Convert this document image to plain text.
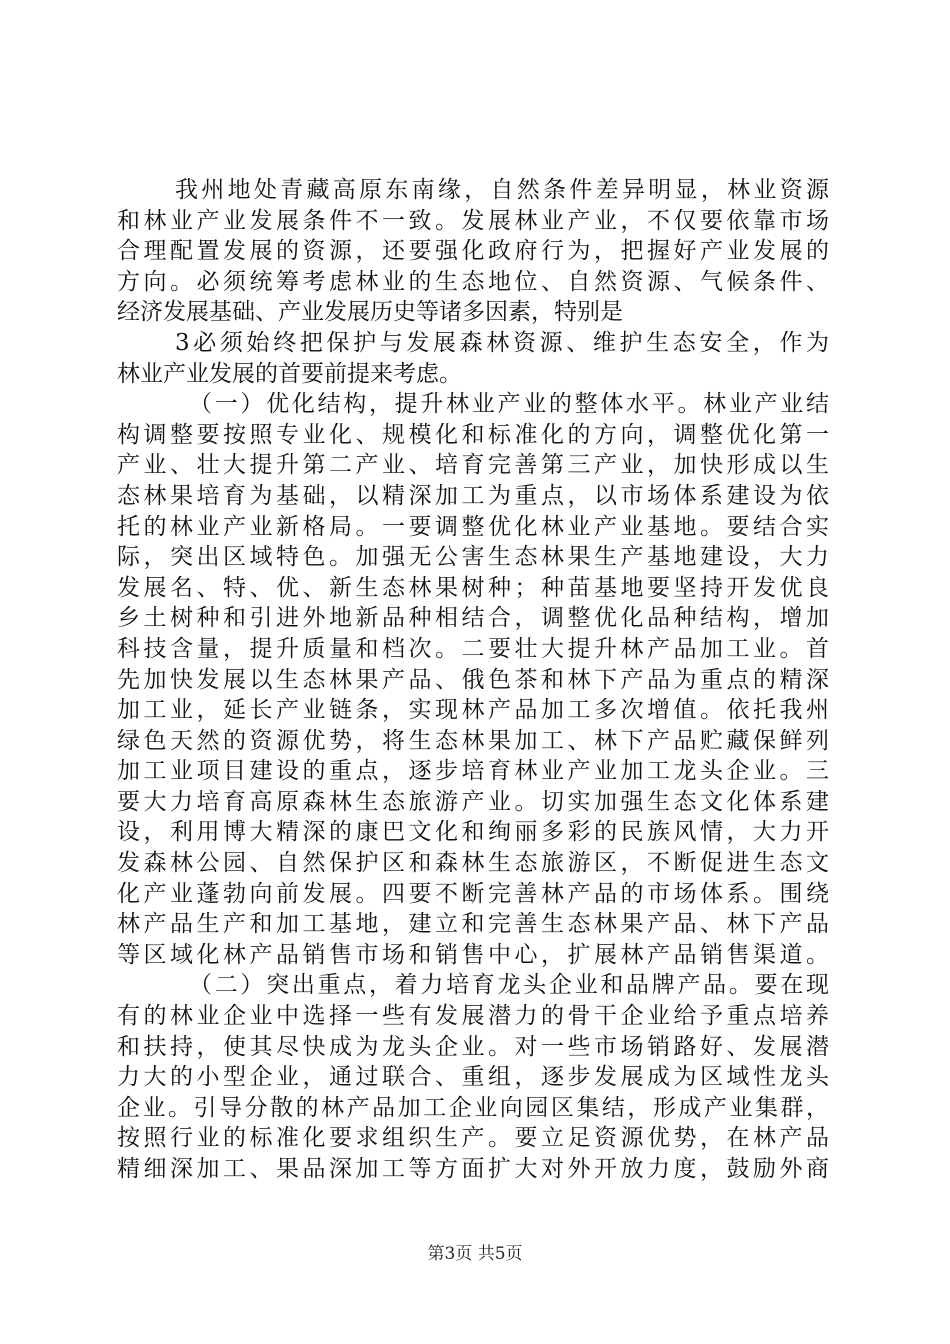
我州地处青藏高原东南缘，自然条件差异明显，林业资源
和林业产业发展条件不一致。发展林业产业，不仅要依靠市场
合理配置发展的资源，还要强化政府行为，把握好产业发展的
方向。必须统筹考虑林业的生态地位、自然资源、气候条件、
经济发展基础、产业发展历史等诸多因素，特别是
3必须始终把保护与发展森林资源、维护生态安全，作为
林业产业发展的首要前提来考虑。
（一）优化结构，提升林业产业的整体水平。林业产业结
构调整要按照专业化、规模化和标准化的方向，调整优化第一
产业、壮大提升第二产业、培育完善第三产业，加快形成以生
态林果培育为基础，以精深加工为重点，以市场体系建设为依
托的林业产业新格局。一要调整优化林业产业基地。要结合实
际，突出区域特色。加强无公害生态林果生产基地建设，大力
发展名、特、优、新生态林果树种；种苗基地要坚持开发优良
乡土树种和引进外地新品种相结合，调整优化品种结构，增加
科技含量，提升质量和档次。二要壮大提升林产品加工业。首
先加快发展以生态林果产品、俄色茶和林下产品为重点的精深
加工业，延长产业链条，实现林产品加工多次增值。依托我州
绿色天然的资源优势，将生态林果加工、林下产品贮藏保鲜列
加工业项目建设的重点，逐步培育林业产业加工龙头企业。三
要大力培育高原森林生态旅游产业。切实加强生态文化体系建
设，利用博大精深的康巴文化和绚丽多彩的民族风情，大力开
发森林公园、自然保护区和森林生态旅游区，不断促进生态文
化产业蓬勃向前发展。四要不断完善林产品的市场体系。围绕
林产品生产和加工基地，建立和完善生态林果产品、林下产品
等区域化林产品销售市场和销售中心，扩展林产品销售渠道。
（二）突出重点，着力培育龙头企业和品牌产品。要在现
有的林业企业中选择一些有发展潜力的骨干企业给予重点培养
和扶持，使其尽快成为龙头企业。对一些市场销路好、发展潜
力大的小型企业，通过联合、重组，逐步发展成为区域性龙头
企业。引导分散的林产品加工企业向园区集结，形成产业集群，
按照行业的标准化要求组织生产。要立足资源优势，在林产品
精细深加工、果品深加工等方面扩大对外开放力度，鼓励外商
第3页 共5页
